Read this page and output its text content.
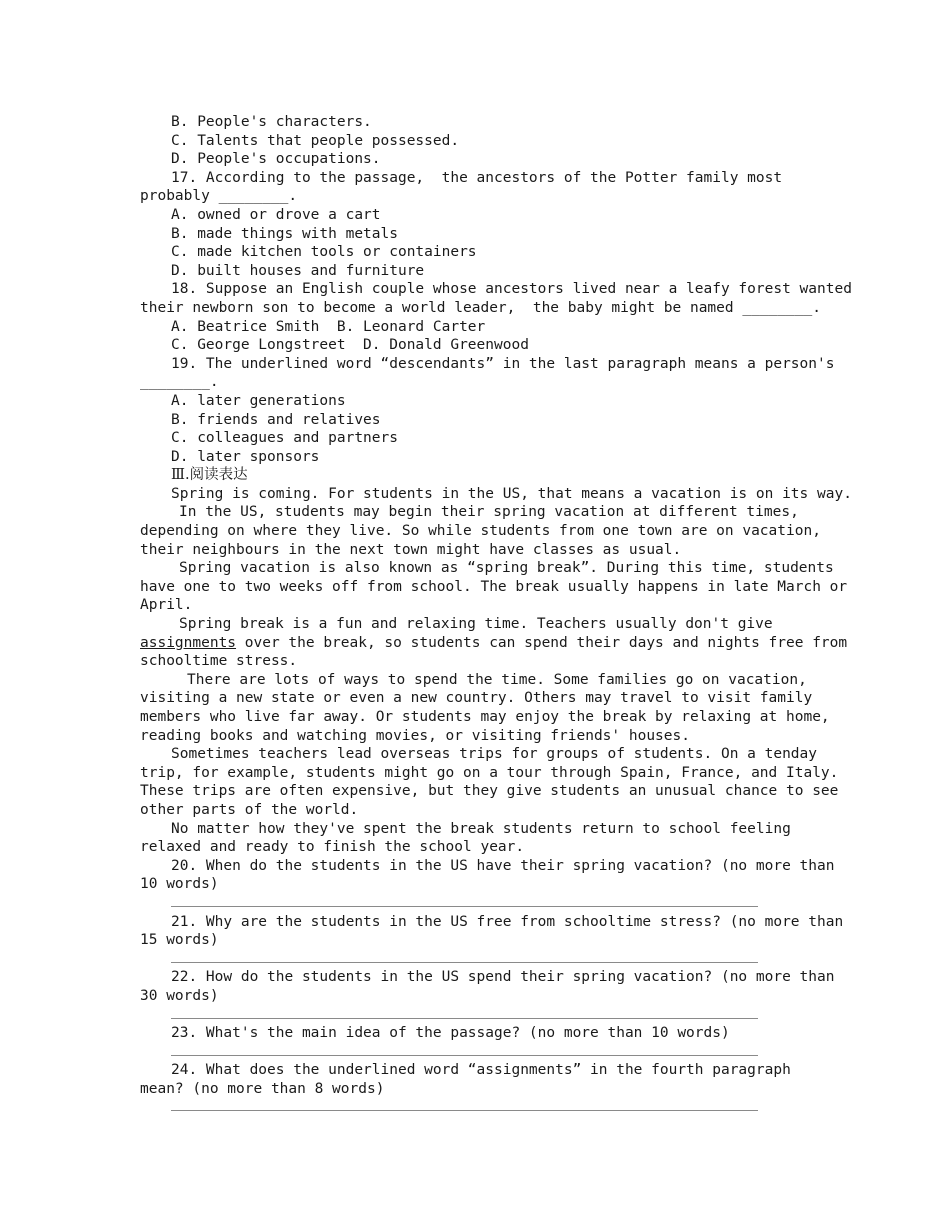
B. People's characters.
C. Talents that people possessed.
D. People's occupations.
17. According to the passage,  the ancestors of the Potter family most
probably ________.
A. owned or drove a cart
B. made things with metals
C. made kitchen tools or containers
D. built houses and furniture
18. Suppose an English couple whose ancestors lived near a leafy forest wanted
their newborn son to become a world leader,  the baby might be named ________.
A. Beatrice Smith  B. Leonard Carter
C. George Longstreet  D. Donald Greenwood
19. The underlined word “descendants” in the last paragraph means a person's
________.
A. later generations
B. friends and relatives
C. colleagues and partners
D. later sponsors
Ⅲ.阅读表达
Spring is coming. For students in the US, that means a vacation is on its way.
In the US, students may begin their spring vacation at different times,
depending on where they live. So while students from one town are on vacation,
their neighbours in the next town might have classes as usual.
Spring vacation is also known as “spring break”. During this time, students
have one to two weeks off from school. The break usually happens in late March or
April.
Spring break is a fun and relaxing time. Teachers usually don't give
assignments over the break, so students can spend their days and nights free from
schooltime stress.
There are lots of ways to spend the time. Some families go on vacation,
visiting a new state or even a new country. Others may travel to visit family
members who live far away. Or students may enjoy the break by relaxing at home,
reading books and watching movies, or visiting friends' houses.
Sometimes teachers lead overseas trips for groups of students. On a tenday
trip, for example, students might go on a tour through Spain, France, and Italy.
These trips are often expensive, but they give students an unusual chance to see
other parts of the world.
No matter how they've spent the break students return to school feeling
relaxed and ready to finish the school year.
20. When do the students in the US have their spring vacation? (no more than
10 words)
21. Why are the students in the US free from schooltime stress? (no more than
15 words)
22. How do the students in the US spend their spring vacation? (no more than
30 words)
23. What's the main idea of the passage? (no more than 10 words)
24. What does the underlined word “assignments” in the fourth paragraph
mean? (no more than 8 words)
